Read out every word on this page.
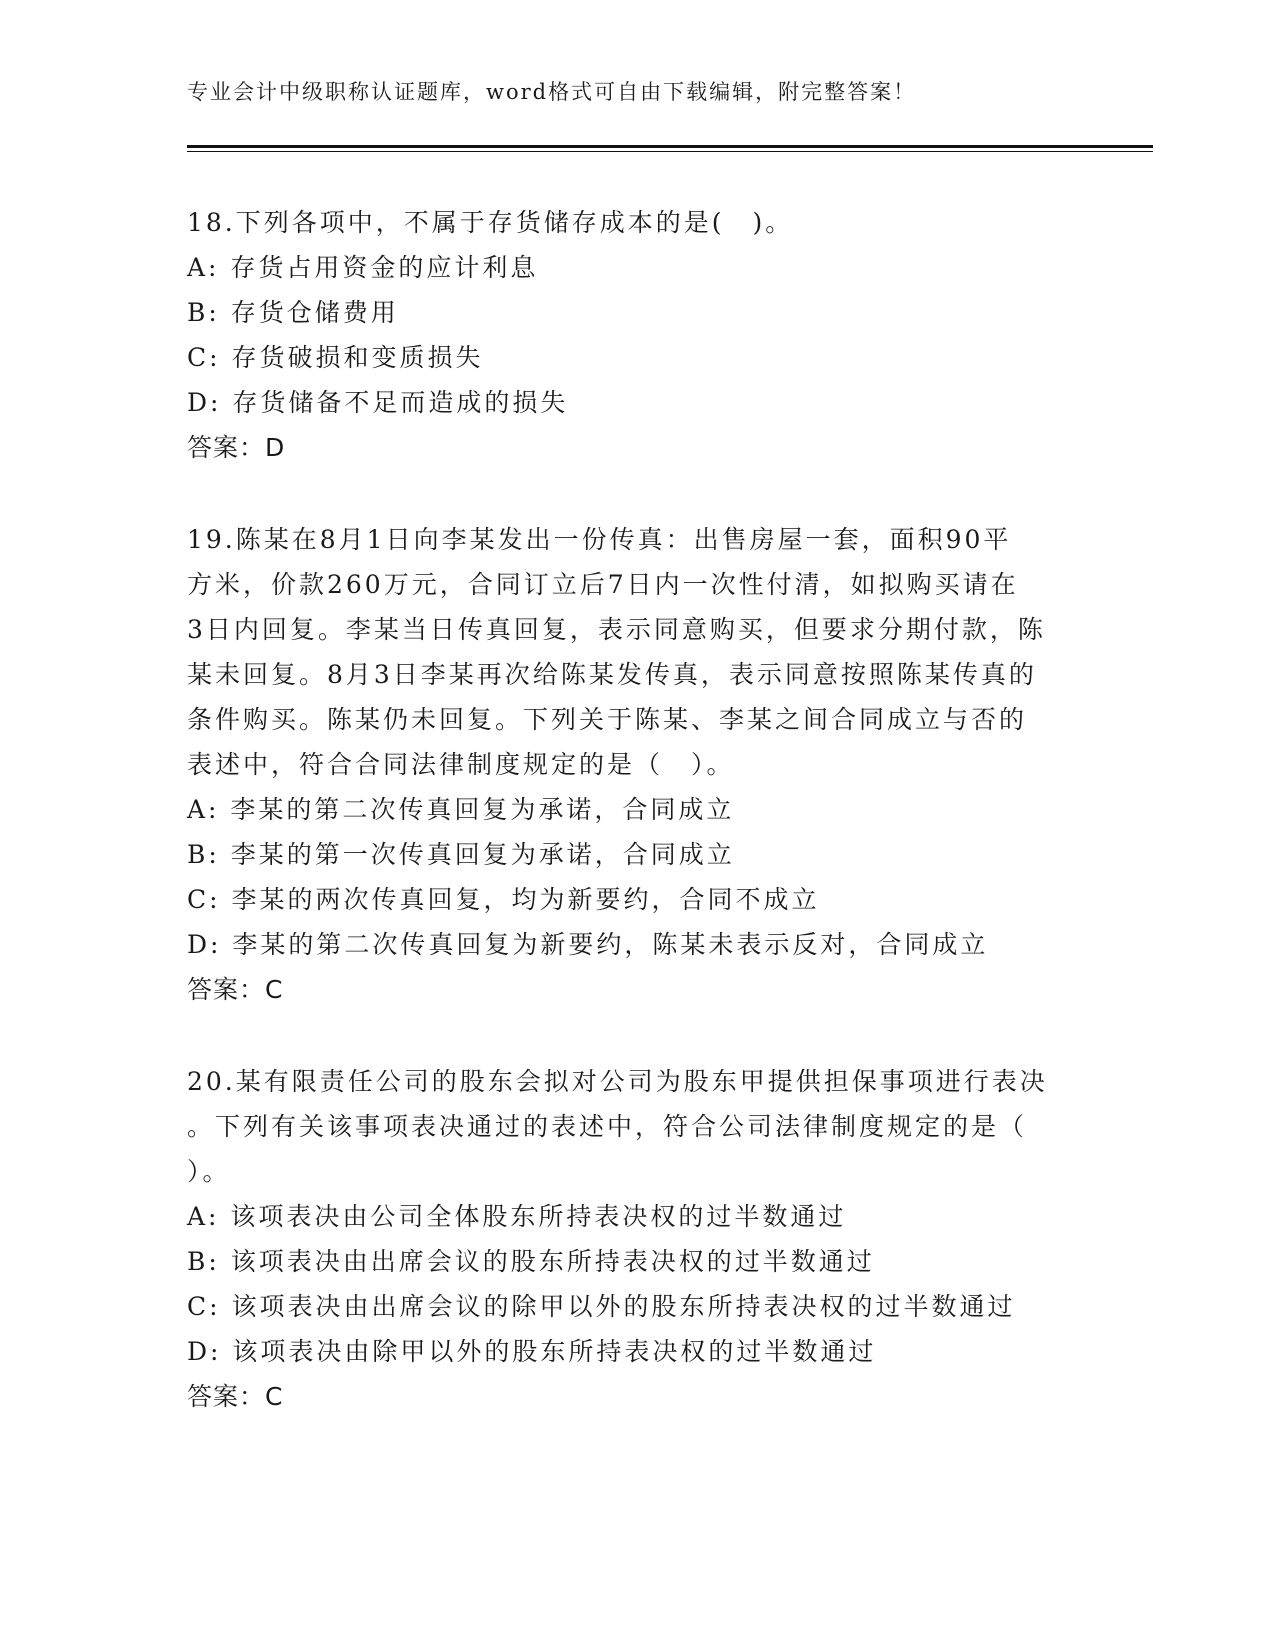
专业会计中级职称认证题库，word格式可自由下载编辑，附完整答案！

18.下列各项中，不属于存货储存成本的是(　)。

A: 存货占用资金的应计利息

B: 存货仓储费用

C: 存货破损和变质损失

D: 存货储备不足而造成的损失

答案：D

19.陈某在8月1日向李某发出一份传真：出售房屋一套，面积90平

方米，价款260万元，合同订立后7日内一次性付清，如拟购买请在

3日内回复。李某当日传真回复，表示同意购买，但要求分期付款，陈

某未回复。8月3日李某再次给陈某发传真，表示同意按照陈某传真的

条件购买。陈某仍未回复。下列关于陈某、李某之间合同成立与否的

表述中，符合合同法律制度规定的是（　）。

A: 李某的第二次传真回复为承诺，合同成立

B: 李某的第一次传真回复为承诺，合同成立

C: 李某的两次传真回复，均为新要约，合同不成立

D: 李某的第二次传真回复为新要约，陈某未表示反对，合同成立

答案：C

20.某有限责任公司的股东会拟对公司为股东甲提供担保事项进行表决

。下列有关该事项表决通过的表述中，符合公司法律制度规定的是（

）。

A: 该项表决由公司全体股东所持表决权的过半数通过

B: 该项表决由出席会议的股东所持表决权的过半数通过

C: 该项表决由出席会议的除甲以外的股东所持表决权的过半数通过

D: 该项表决由除甲以外的股东所持表决权的过半数通过

答案：C
